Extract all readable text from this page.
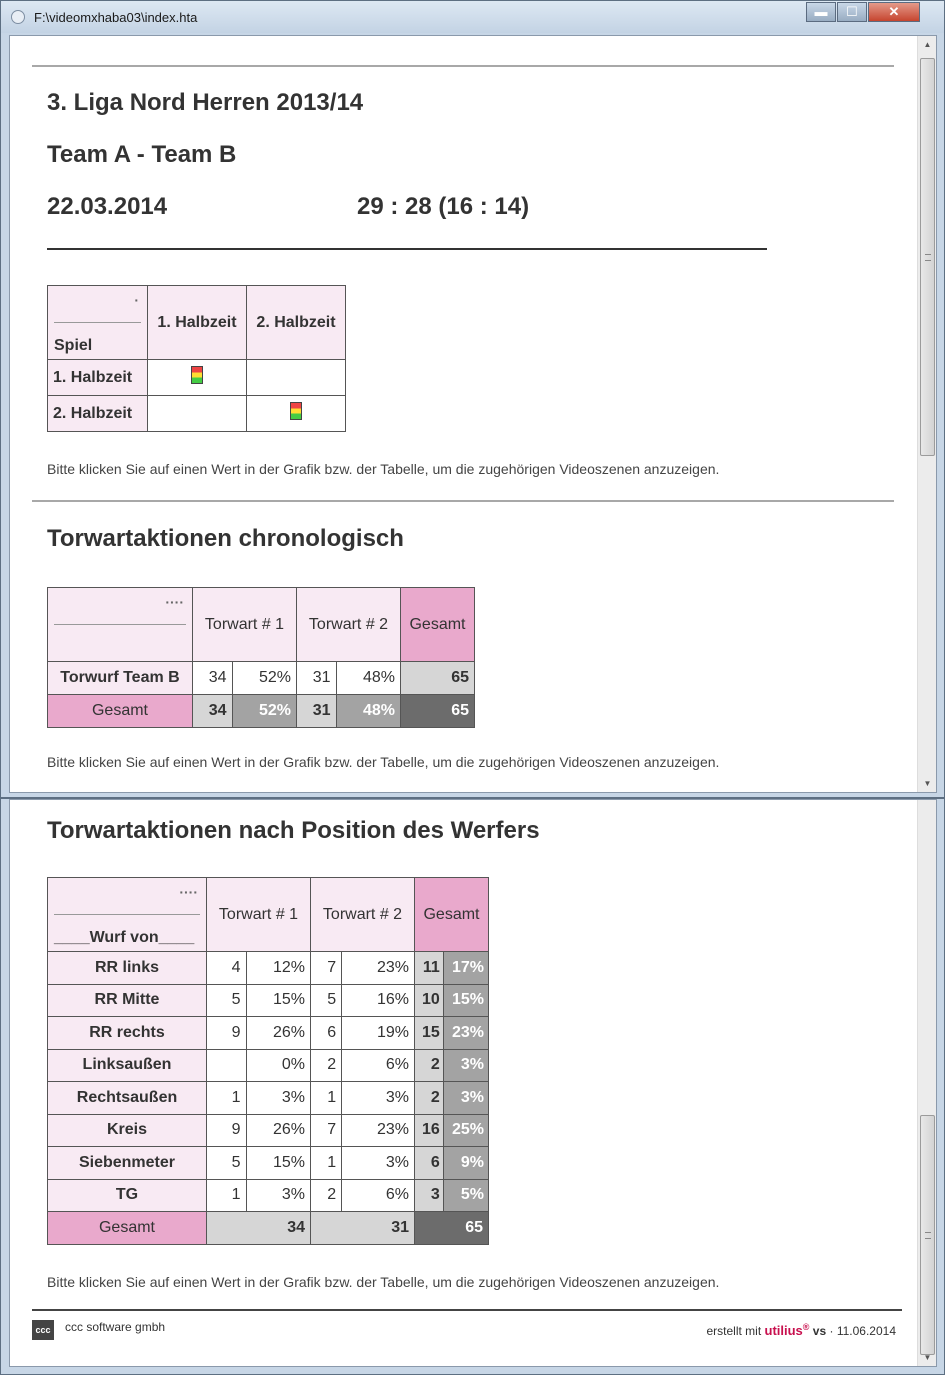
F:\videomxhaba03\index.hta	▬	☐	✕
3. Liga Nord Herren 2013/14
Team A - Team B
22.03.2014	29 : 28 (16 : 14)
·
Spiel	1. Halbzeit	2. Halbzeit
1. Halbzeit		
2. Halbzeit		
Bitte klicken Sie auf einen Wert in der Grafik bzw. der Tabelle, um die zugehörigen Videoszenen anzuzeigen.
Torwartaktionen chronologisch
····	Torwart # 1		Torwart # 2		Gesamt
Torwurf Team B	34	52%	31	48%	65
Gesamt	34	52%	31	48%	65
Bitte klicken Sie auf einen Wert in der Grafik bzw. der Tabelle, um die zugehörigen Videoszenen anzuzeigen.
▲
▼
Torwartaktionen nach Position des Werfers
····
____Wurf von____	Torwart # 1		Torwart # 2		Gesamt	
RR links	4	12%	7	23%	11	17%
RR Mitte	5	15%	5	16%	10	15%
RR rechts	9	26%	6	19%	15	23%
Linksaußen		0%	2	6%	2	3%
Rechtsaußen	1	3%	1	3%	2	3%
Kreis	9	26%	7	23%	16	25%
Siebenmeter	5	15%	1	3%	6	9%
TG	1	3%	2	6%	3	5%
Gesamt	34		31		65	
Bitte klicken Sie auf einen Wert in der Grafik bzw. der Tabelle, um die zugehörigen Videoszenen anzuzeigen.
ccc ccc software gmbh	erstellt mit utilius® vs · 11.06.2014
▼
